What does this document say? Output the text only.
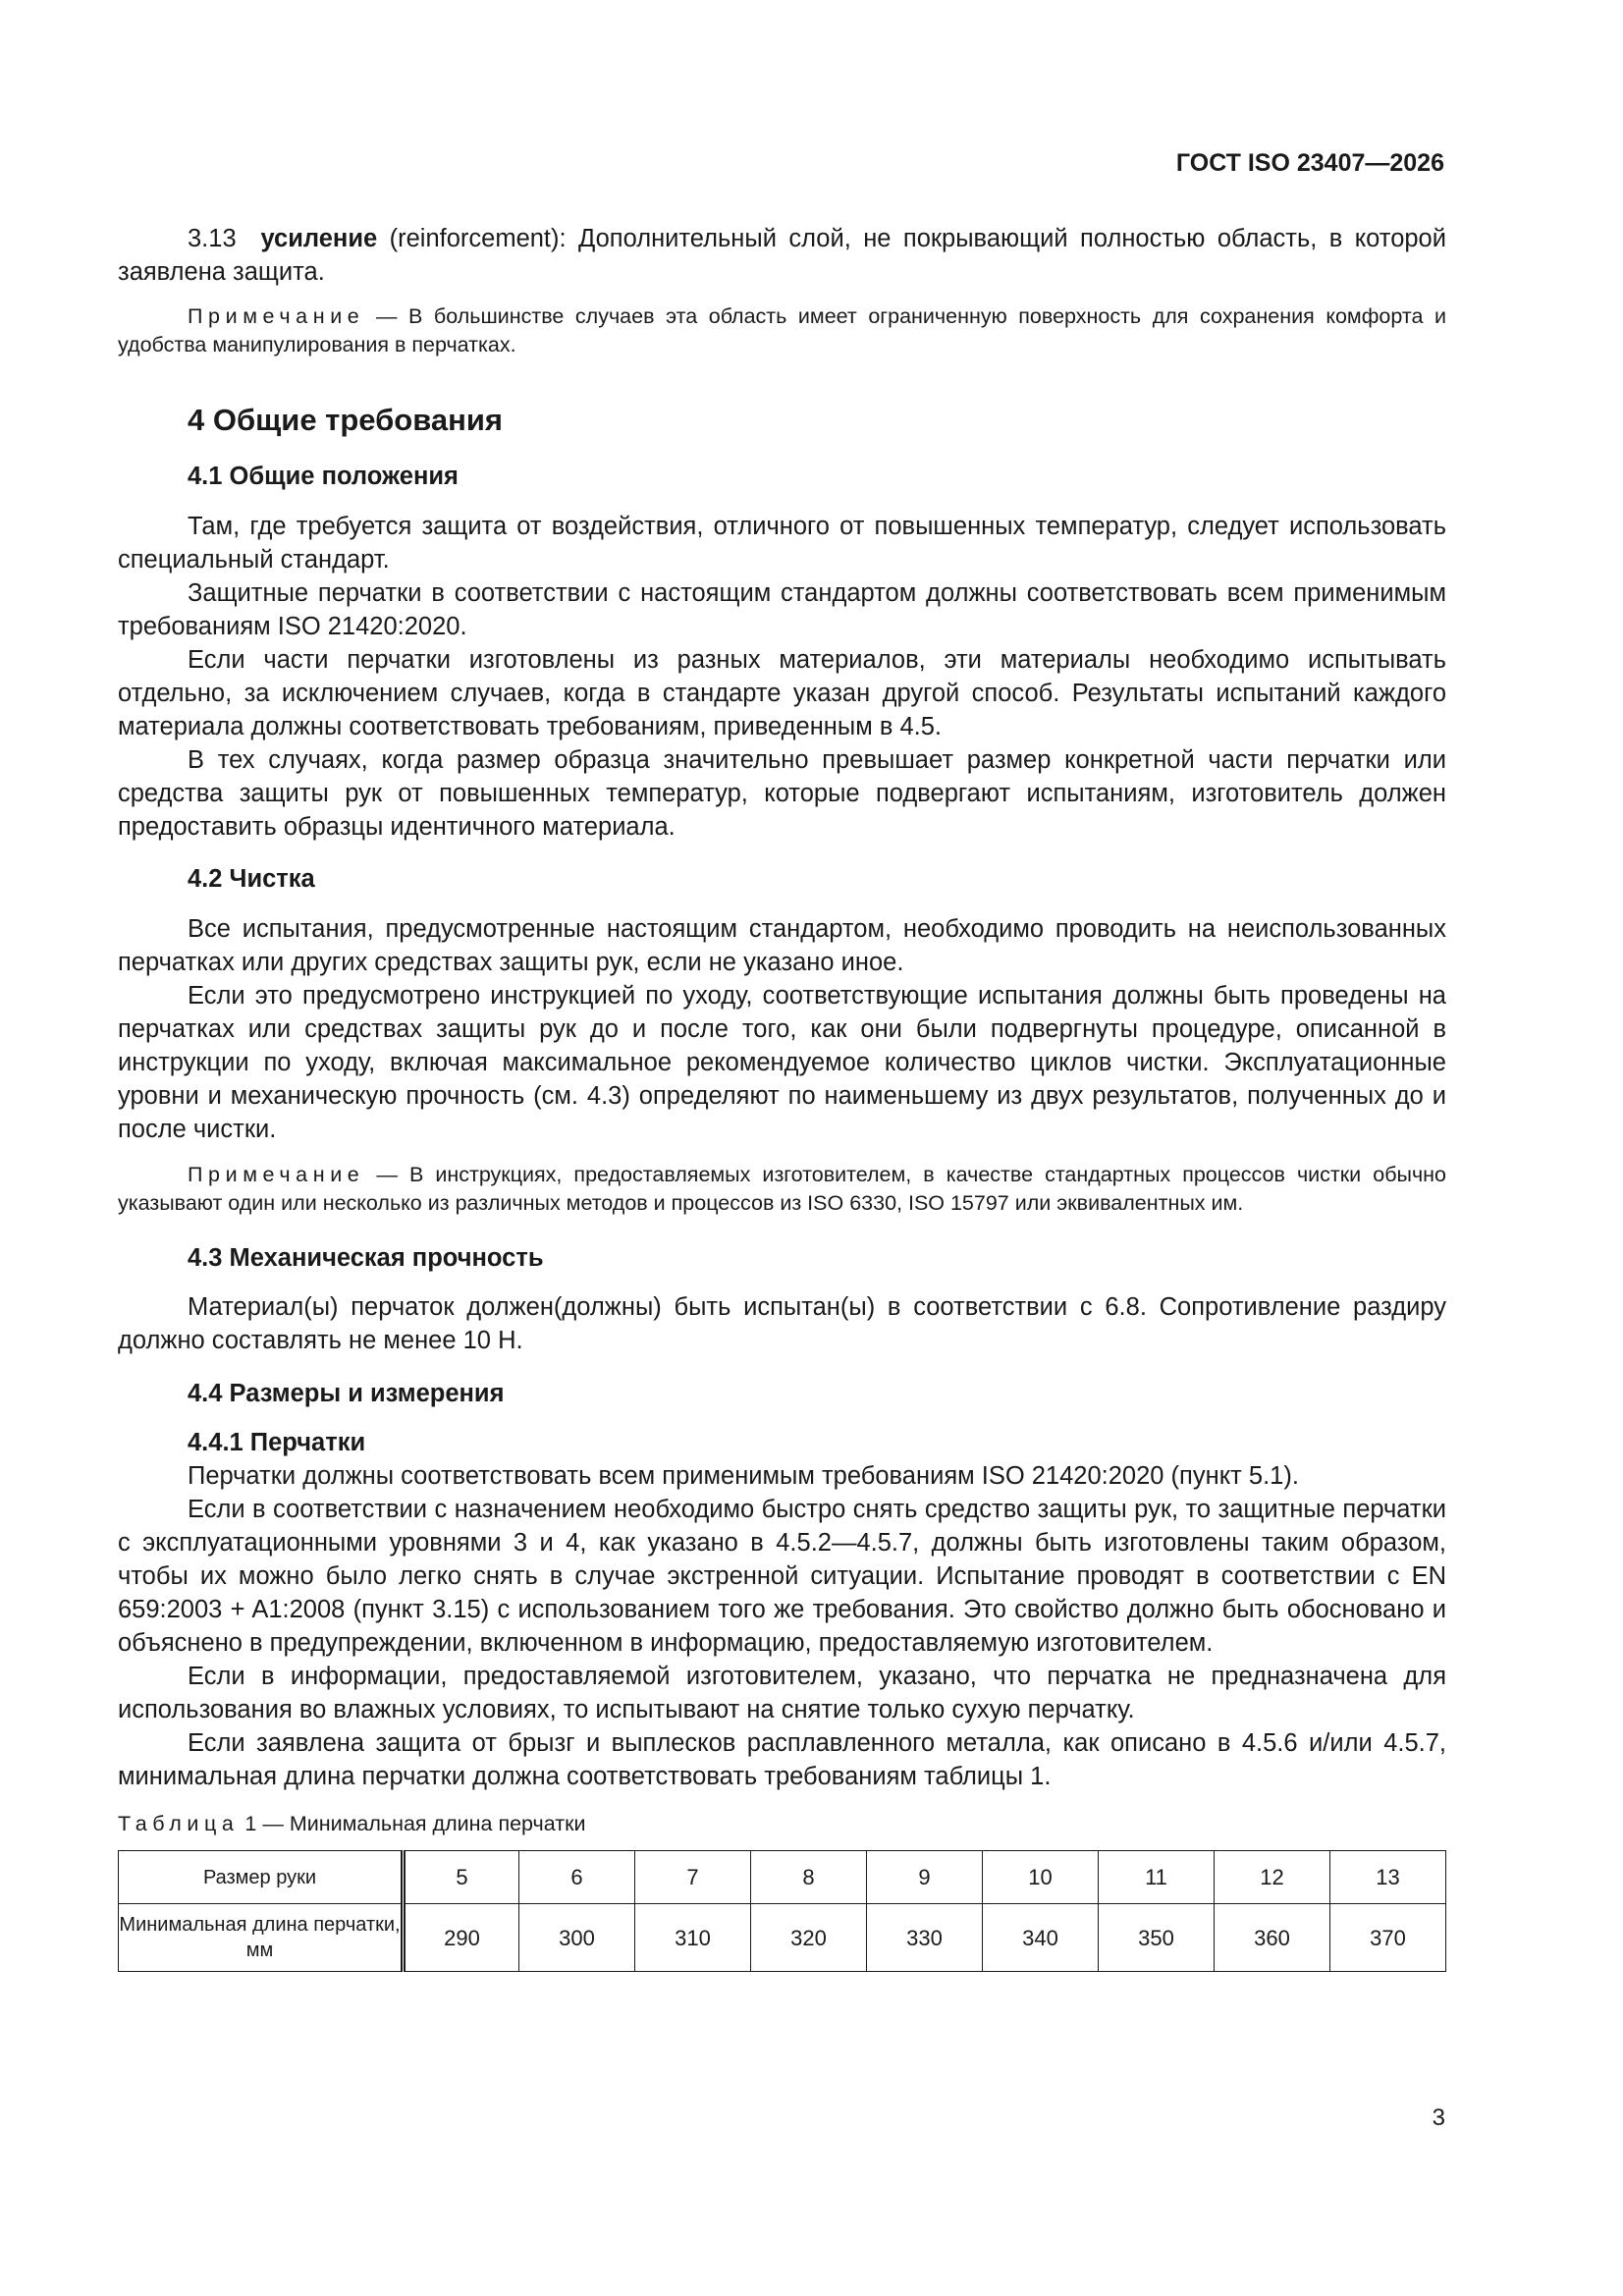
ГОСТ ISO 23407—2026

3.13 усиление (reinforcement): Дополнительный слой, не покрывающий полностью область, в которой заявлена защита.

Примечание — В большинстве случаев эта область имеет ограниченную поверхность для сохранения комфорта и удобства манипулирования в перчатках.

4 Общие требования
4.1 Общие положения

Там, где требуется защита от воздействия, отличного от повышенных температур, следует использовать специальный стандарт.

Защитные перчатки в соответствии с настоящим стандартом должны соответствовать всем применимым требованиям ISO 21420:2020.

Если части перчатки изготовлены из разных материалов, эти материалы необходимо испытывать отдельно, за исключением случаев, когда в стандарте указан другой способ. Результаты испытаний каждого материала должны соответствовать требованиям, приведенным в 4.5.

В тех случаях, когда размер образца значительно превышает размер конкретной части перчатки или средства защиты рук от повышенных температур, которые подвергают испытаниям, изготовитель должен предоставить образцы идентичного материала.

4.2 Чистка

Все испытания, предусмотренные настоящим стандартом, необходимо проводить на неиспользованных перчатках или других средствах защиты рук, если не указано иное.

Если это предусмотрено инструкцией по уходу, соответствующие испытания должны быть проведены на перчатках или средствах защиты рук до и после того, как они были подвергнуты процедуре, описанной в инструкции по уходу, включая максимальное рекомендуемое количество циклов чистки. Эксплуатационные уровни и механическую прочность (см. 4.3) определяют по наименьшему из двух результатов, полученных до и после чистки.

Примечание — В инструкциях, предоставляемых изготовителем, в качестве стандартных процессов чистки обычно указывают один или несколько из различных методов и процессов из ISO 6330, ISO 15797 или эквивалентных им.

4.3 Механическая прочность

Материал(ы) перчаток должен(должны) быть испытан(ы) в соответствии с 6.8. Сопротивление раздиру должно составлять не менее 10 Н.

4.4 Размеры и измерения
4.4.1 Перчатки

Перчатки должны соответствовать всем применимым требованиям ISO 21420:2020 (пункт 5.1).

Если в соответствии с назначением необходимо быстро снять средство защиты рук, то защитные перчатки с эксплуатационными уровнями 3 и 4, как указано в 4.5.2—4.5.7, должны быть изготовлены таким образом, чтобы их можно было легко снять в случае экстренной ситуации. Испытание проводят в соответствии с EN 659:2003 + A1:2008 (пункт 3.15) с использованием того же требования. Это свойство должно быть обосновано и объяснено в предупреждении, включенном в информацию, предоставляемую изготовителем.

Если в информации, предоставляемой изготовителем, указано, что перчатка не предназначена для использования во влажных условиях, то испытывают на снятие только сухую перчатку.

Если заявлена защита от брызг и выплесков расплавленного металла, как описано в 4.5.6 и/или 4.5.7, минимальная длина перчатки должна соответствовать требованиям таблицы 1.

Таблица 1 — Минимальная длина перчатки

Размер руки	5	6	7	8	9	10	11	12	13
Минимальная длина перчатки, мм	290	300	310	320	330	340	350	360	370
3
